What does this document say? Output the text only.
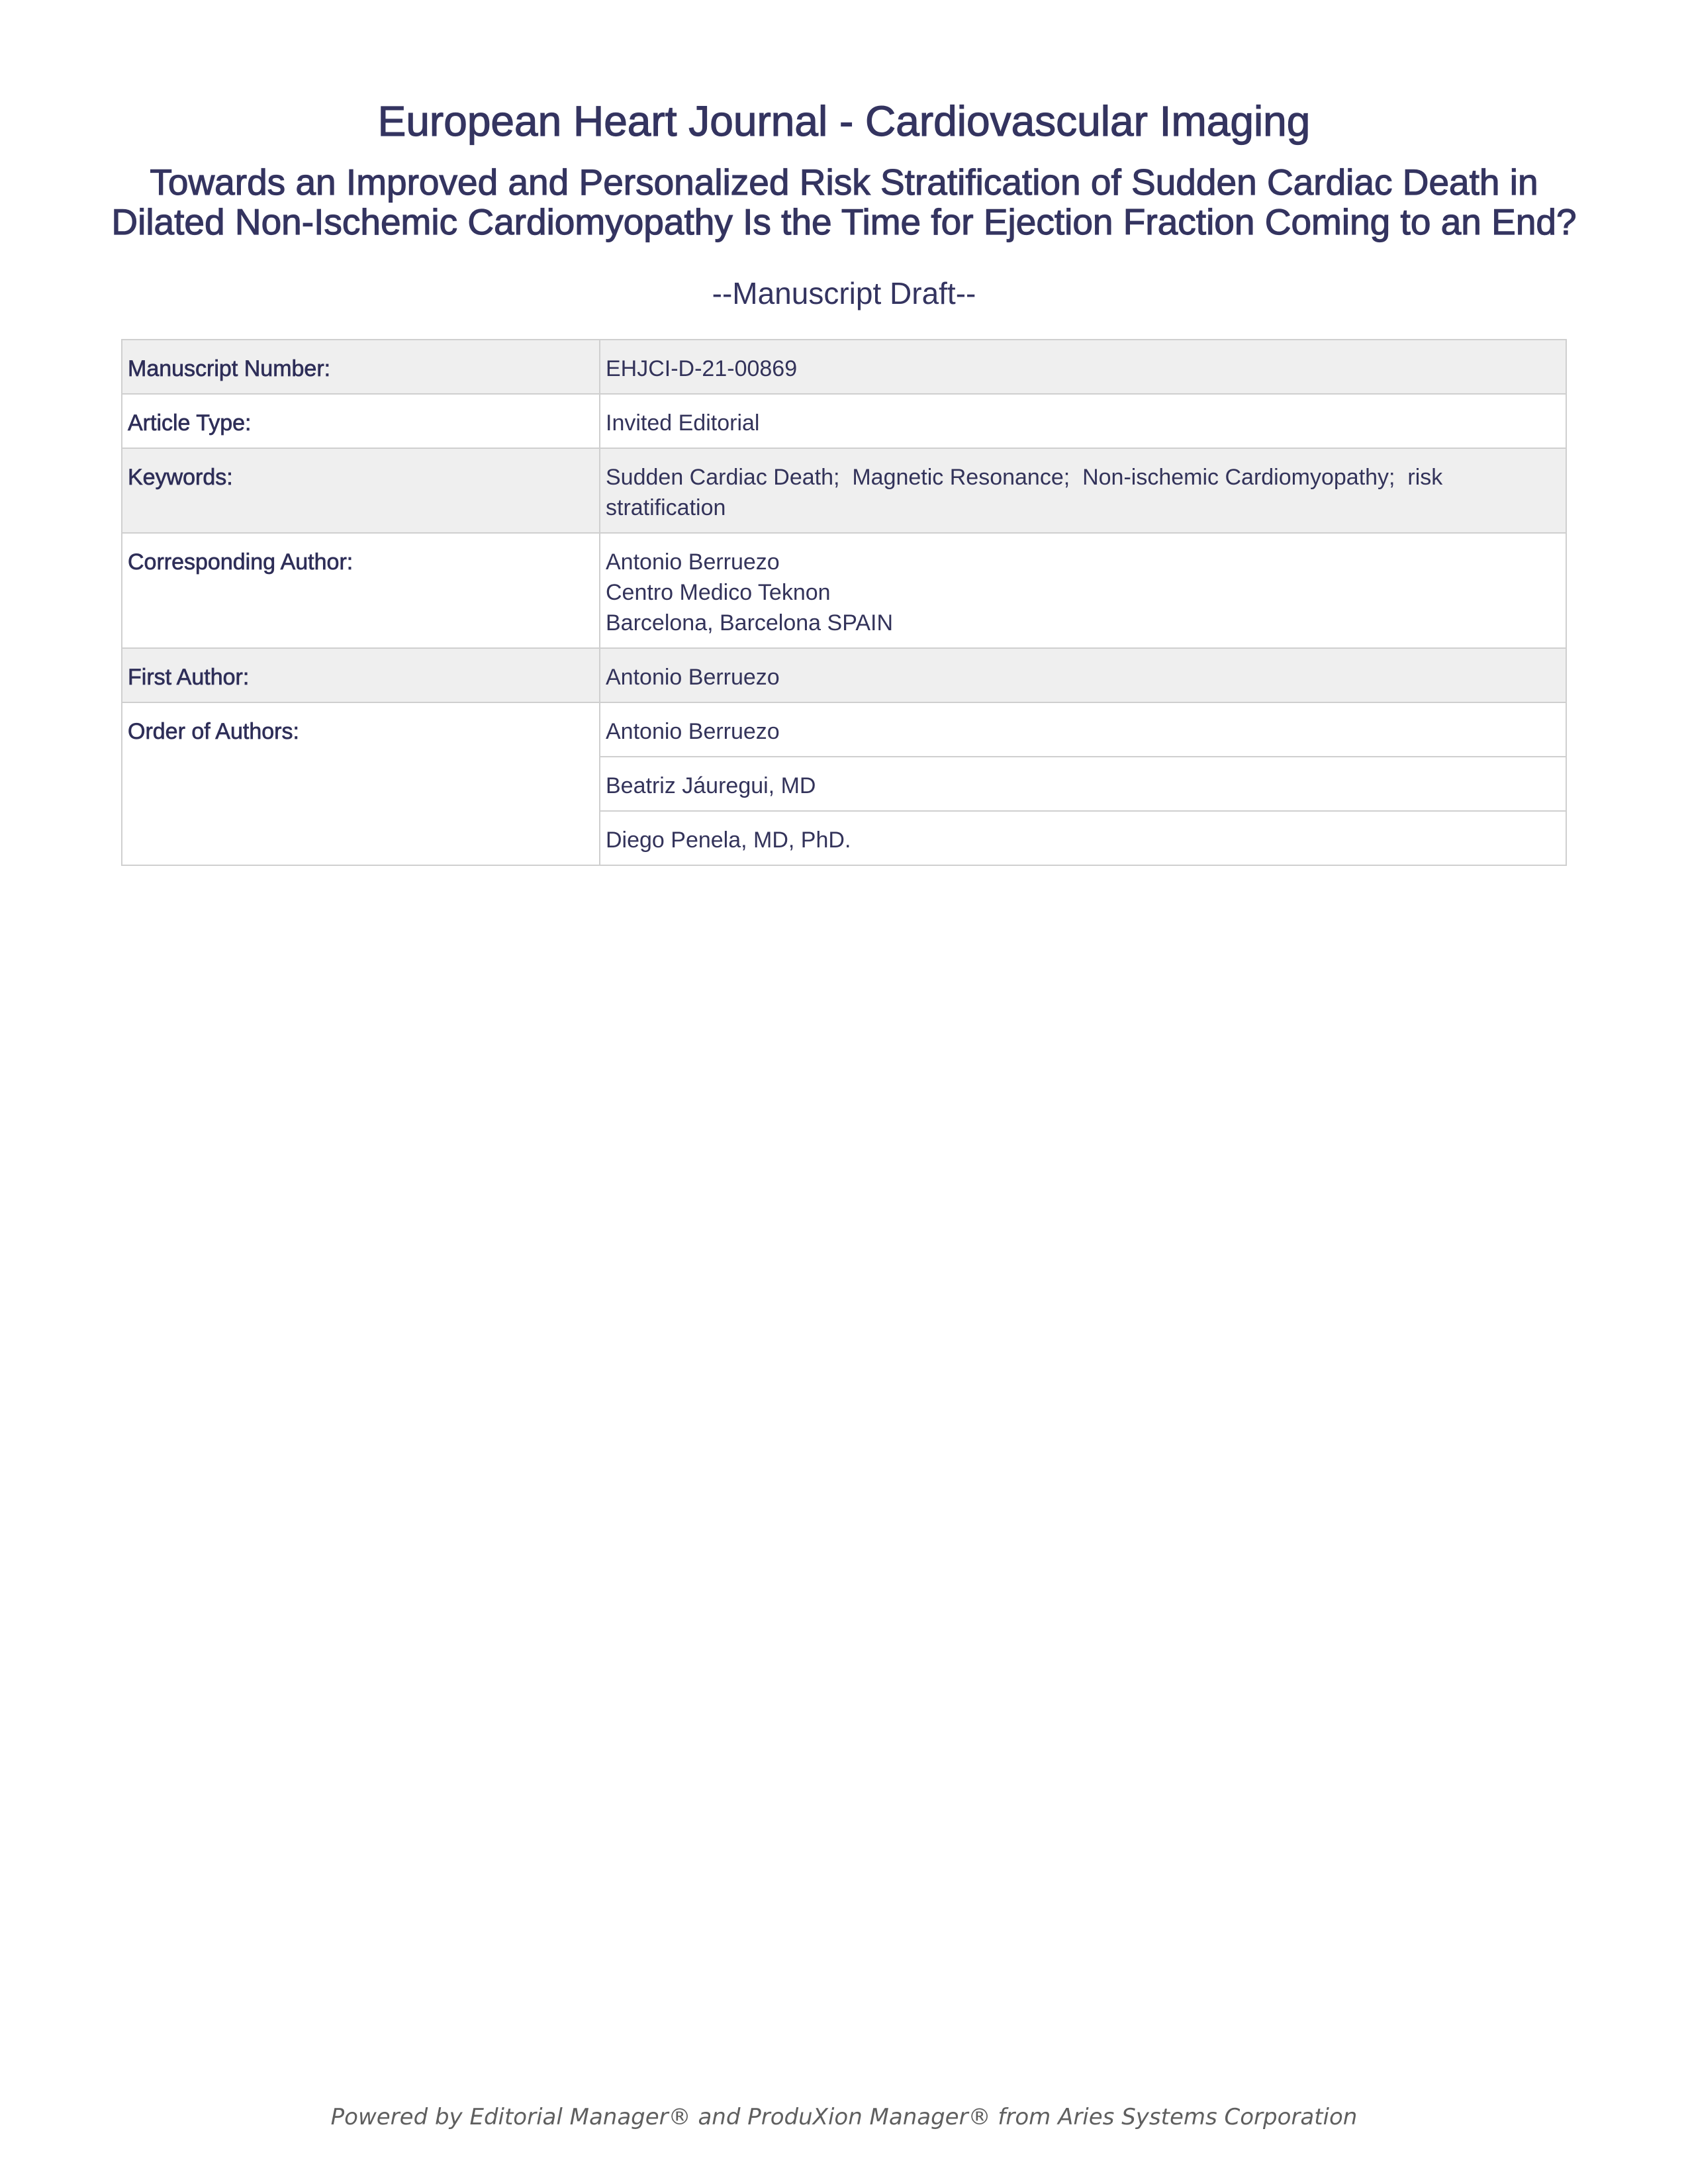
European Heart Journal - Cardiovascular Imaging
Towards an Improved and Personalized Risk Stratification of Sudden Cardiac Death in Dilated Non-Ischemic Cardiomyopathy Is the Time for Ejection Fraction Coming to an End?
--Manuscript Draft--
Manuscript Number:	EHJCI-D-21-00869
Article Type:	Invited Editorial
Keywords:	Sudden Cardiac Death;  Magnetic Resonance;  Non-ischemic Cardiomyopathy;  risk stratification
Corresponding Author:	Antonio Berruezo
Centro Medico Teknon
Barcelona, Barcelona SPAIN

First Author:	Antonio Berruezo
Order of Authors:	Antonio Berruezo
	Beatriz Jáuregui, MD
	Diego Penela, MD, PhD.
Powered by Editorial Manager® and ProduXion Manager® from Aries Systems Corporation
